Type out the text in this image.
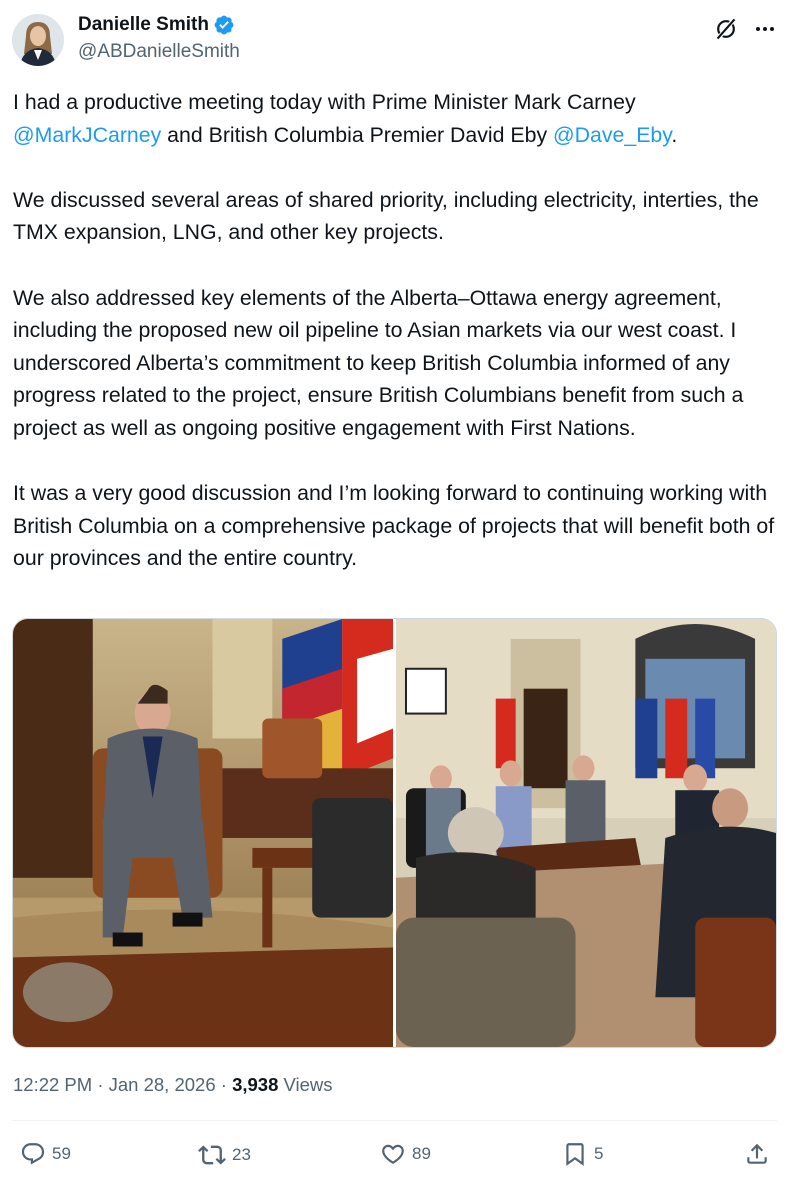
Danielle Smith
@ABDanielleSmith

I had a productive meeting today with Prime Minister Mark Carney @MarkJCarney and British Columbia Premier David Eby @Dave_Eby.

We discussed several areas of shared priority, including electricity, interties, the TMX expansion, LNG, and other key projects.

We also addressed key elements of the Alberta–Ottawa energy agreement, including the proposed new oil pipeline to Asian markets via our west coast. I underscored Alberta’s commitment to keep British Columbia informed of any progress related to the project, ensure British Columbians benefit from such a project as well as ongoing positive engagement with First Nations.

It was a very good discussion and I’m looking forward to continuing working with British Columbia on a comprehensive package of projects that will benefit both of our provinces and the entire country.

12:22 PM · Jan 28, 2026 · 3,938 Views
59	23	89	5
